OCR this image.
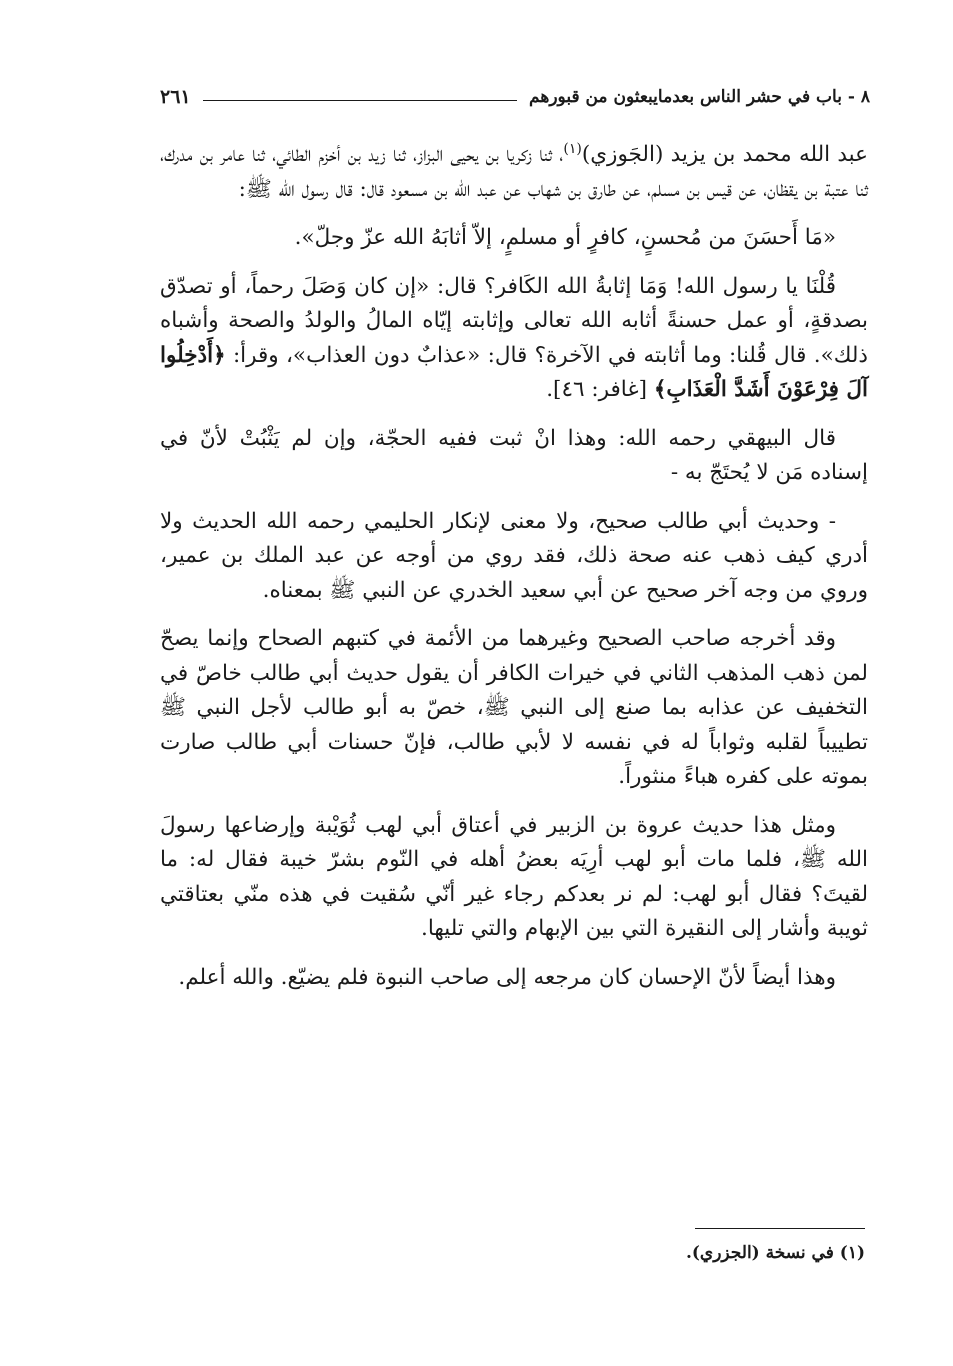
٨ - باب في حشر الناس بعدمايبعثون من قبورهم
٢٦١

عبد الله محمد بن يزيد (الجَوزي)$^{(١)}$، ثنا زكريا بن يحيى البزاز، ثنا زيد بن أخزم الطائي، ثنا عامر بن مدرك، ثنا عتبة بن يقظان، عن قيس بن مسلم، عن طارق بن شهاب عن عبد الله بن مسعود قال: قال رسول الله ﷺ:

«مَا أَحسَنَ من مُحسنٍ، كافرٍ أو مسلمٍ، إلاّ أثابَهُ الله عزّ وجلّ».

قُلْنَا يا رسول الله! وَمَا إثابةُ الله الكَافر؟ قال: «إن كان وَصَلَ رحماً، أو تصدّق بصدقةٍ، أو عمل حسنةً أثابه الله تعالى وإثابته إيّاه المالُ والولدُ والصحة وأشباه ذلك». قال قُلنا: وما أثابته في الآخرة؟ قال: «عذابٌ دون العذاب»، وقرأ: ﴿أَدْخِلُوا آلَ فِرْعَوْنَ أَشَدَّ الْعَذَابِ﴾ [غافر: ٤٦].

قال البيهقي رحمه الله: وهذا انْ ثبت ففيه الحجّة، وإن لم يَثْبُتْ لأنّ في إسناده مَن لا يُحتَجّ به -

- وحديث أبي طالب صحيح، ولا معنى لإنكار الحليمي رحمه الله الحديث ولا أدري كيف ذهب عنه صحة ذلك، فقد روي من أوجه عن عبد الملك بن عمير، وروي من وجه آخر صحيح عن أبي سعيد الخدري عن النبي ﷺ بمعناه.

وقد أخرجه صاحب الصحيح وغيرهما من الأئمة في كتبهم الصحاح وإنما يصحّ لمن ذهب المذهب الثاني في خيرات الكافر أن يقول حديث أبي طالب خاصّ في التخفيف عن عذابه بما صنع إلى النبي ﷺ، خصّ به أبو طالب لأجل النبي ﷺ تطييباً لقلبه وثواباً له في نفسه لا لأبي طالب، فإنّ حسنات أبي طالب صارت بموته على كفره هباءً منثوراً.

ومثل هذا حديث عروة بن الزبير في أعتاق أبي لهب ثُوَيْبة وإرضاعها رسولَ الله ﷺ، فلما مات أبو لهب أرِيَه بعضُ أهله في النّوم بشرّ خيبة فقال له: ما لقيتَ؟ فقال أبو لهب: لم نر بعدكم رجاء غير أنّي سُقيت في هذه منّي بعتاقتي ثويبة وأشار إلى النقيرة التي بين الإبهام والتي تليها.

وهذا أيضاً لأنّ الإحسان كان مرجعه إلى صاحب النبوة فلم يضيّع. والله أعلم.

(١) في نسخة (الجزري).
